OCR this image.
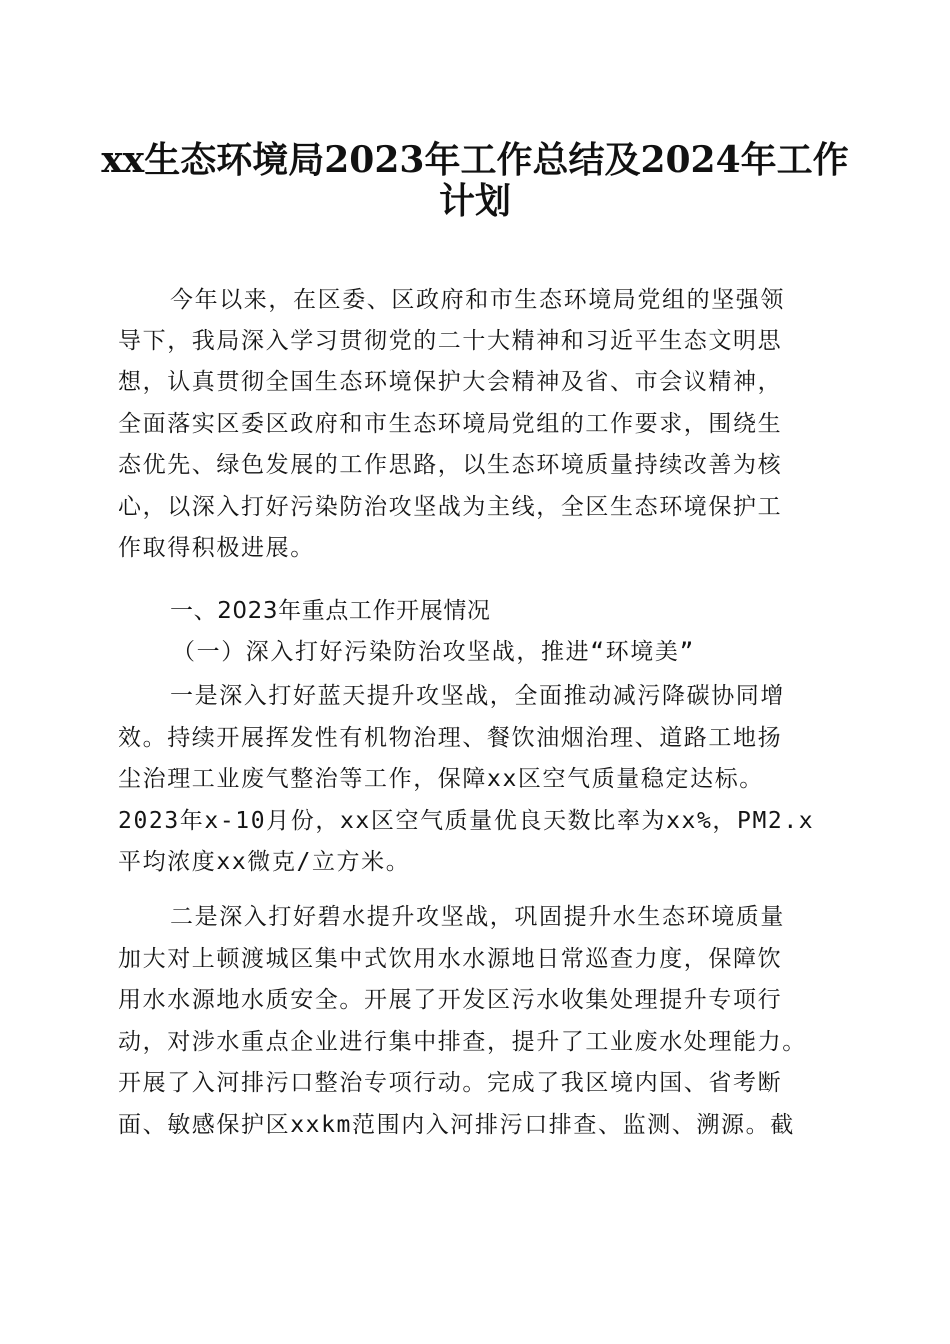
xx生态环境局2023年工作总结及2024年工作
计划
今年以来，在区委、区政府和市生态环境局党组的坚强领
导下，我局深入学习贯彻党的二十大精神和习近平生态文明思
想，认真贯彻全国生态环境保护大会精神及省、市会议精神，
全面落实区委区政府和市生态环境局党组的工作要求，围绕生
态优先、绿色发展的工作思路，以生态环境质量持续改善为核
心，以深入打好污染防治攻坚战为主线，全区生态环境保护工
作取得积极进展。
一、2023年重点工作开展情况
（一）深入打好污染防治攻坚战，推进“环境美”
一是深入打好蓝天提升攻坚战，全面推动减污降碳协同增
效。持续开展挥发性有机物治理、餐饮油烟治理、道路工地扬
尘治理工业废气整治等工作，保障xx区空气质量稳定达标。
2023年x-10月份，xx区空气质量优良天数比率为xx%，PM2.x
平均浓度xx微克/立方米。
二是深入打好碧水提升攻坚战，巩固提升水生态环境质量
加大对上顿渡城区集中式饮用水水源地日常巡查力度，保障饮
用水水源地水质安全。开展了开发区污水收集处理提升专项行
动，对涉水重点企业进行集中排查，提升了工业废水处理能力。
开展了入河排污口整治专项行动。完成了我区境内国、省考断
面、敏感保护区xxkm范围内入河排污口排查、监测、溯源。截
